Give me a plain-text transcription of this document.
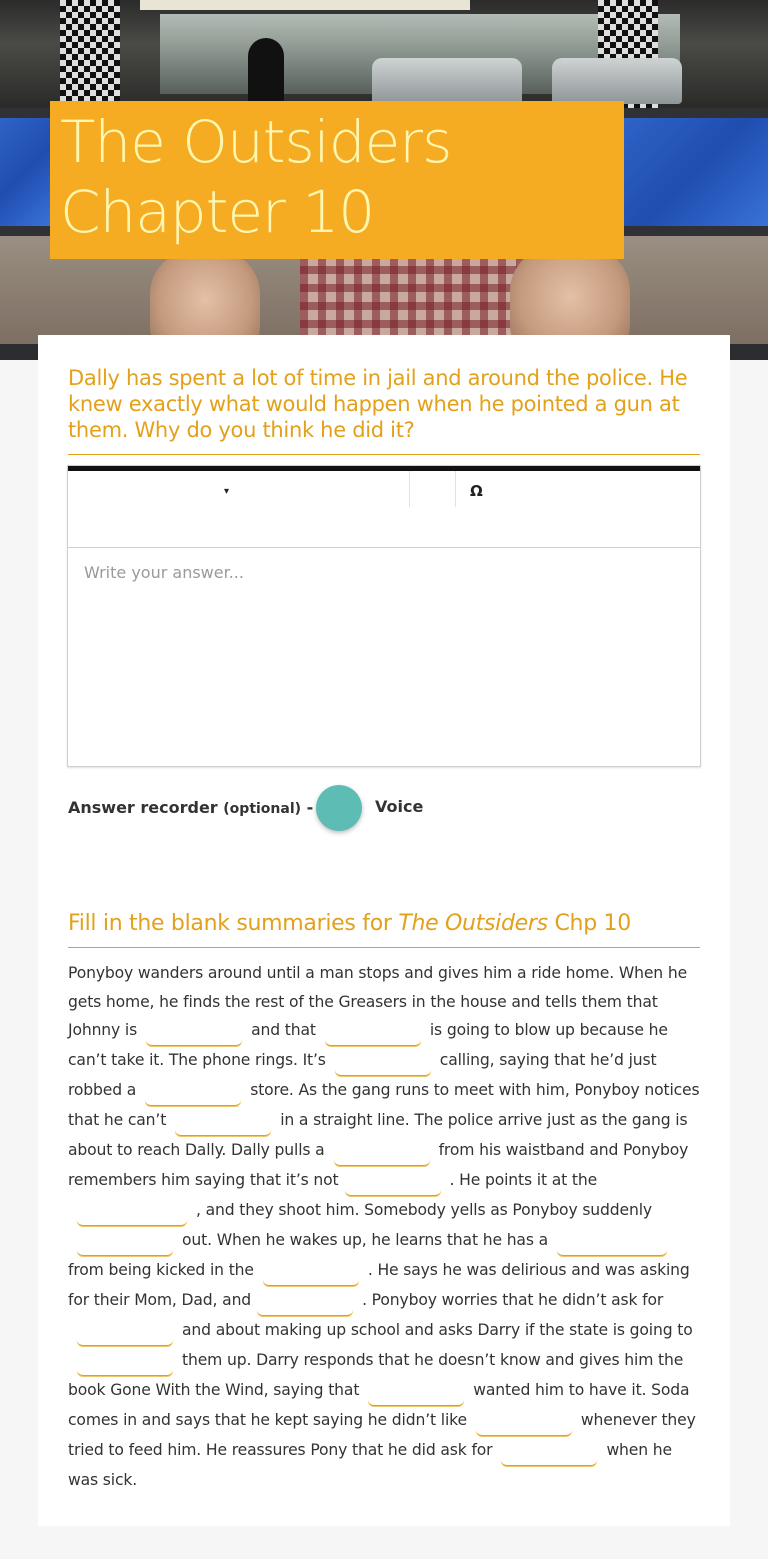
The Outsiders
Chapter 10
Dally has spent a lot of time in jail and around the police. He knew exactly what would happen when he pointed a gun at them. Why do you think he did it?
▾	Ω
Write your answer...
Answer recorder (optional) -	Voice
Fill in the blank summaries for The Outsiders Chp 10
Ponyboy wanders around until a man stops and gives him a ride home. When he gets home, he finds the rest of the Greasers in the house and tells them that Johnny is	and that	is going to blow up because he can’t take it. The phone rings. It’s	calling, saying that he’d just robbed a	store. As the gang runs to meet with him, Ponyboy notices that he can’t	in a straight line. The police arrive just as the gang is about to reach Dally. Dally pulls a	from his waistband and Ponyboy remembers him saying that it’s not	. He points it at the, and they shoot him. Somebody yells as Ponyboy suddenlyout. When he wakes up, he learns that he has afrom being kicked in the	. He says he was delirious and was asking for their Mom, Dad, and	. Ponyboy worries that he didn’t ask forand about making up school and asks Darry if the state is going tothem up. Darry responds that he doesn’t know and gives him the book Gone With the Wind, saying that	wanted him to have it. Soda comes in and says that he kept saying he didn’t like	whenever they tried to feed him. He reassures Pony that he did ask for	when he was sick.
